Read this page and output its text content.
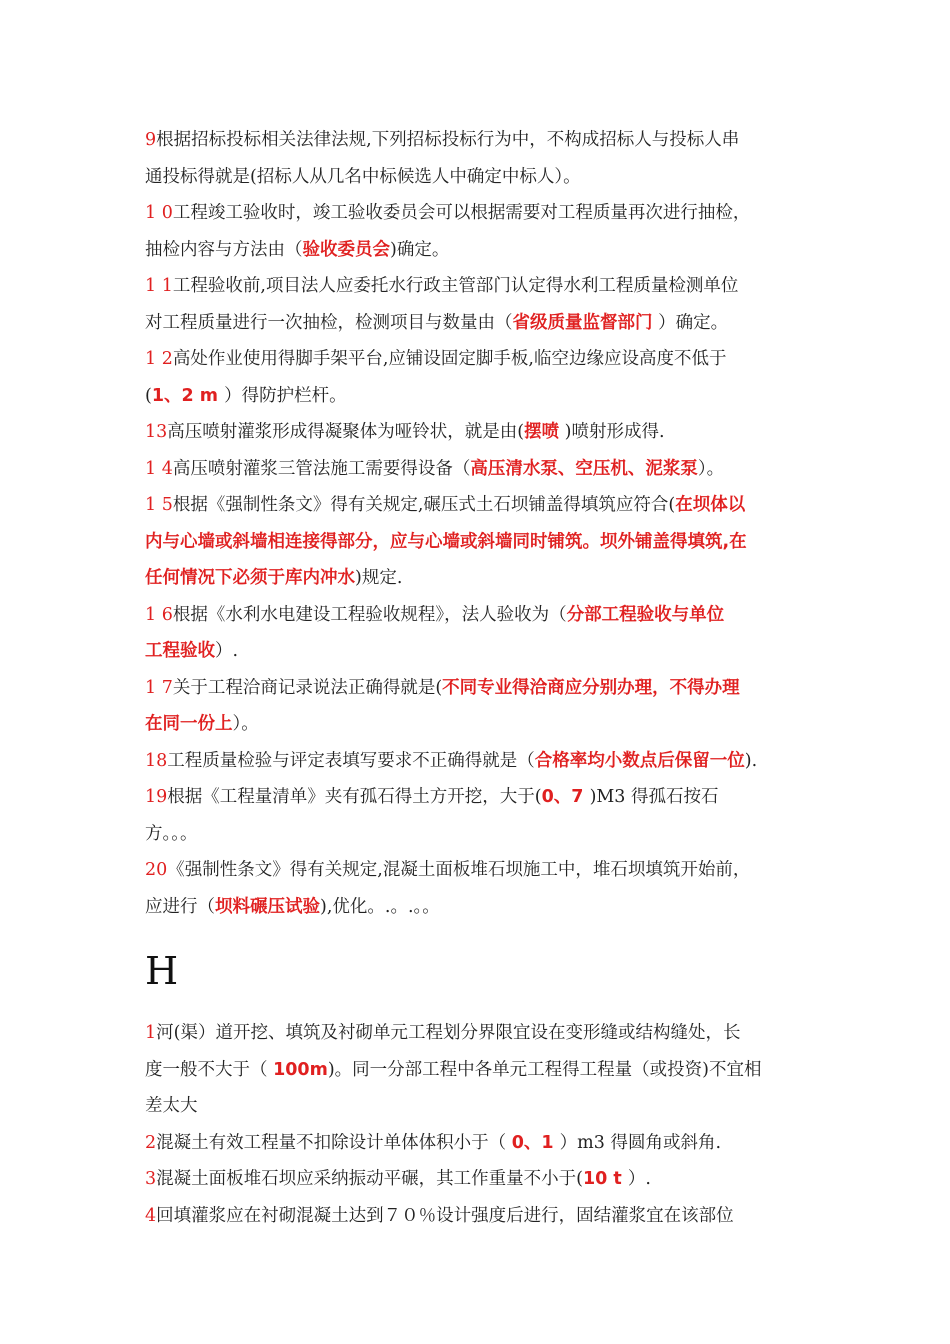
9根据招标投标相关法律法规,下列招标投标行为中，不构成招标人与投标人串
通投标得就是(招标人从几名中标候选人中确定中标人）。
1 0工程竣工验收时，竣工验收委员会可以根据需要对工程质量再次进行抽检，
抽检内容与方法由（验收委员会)确定。
1 1工程验收前,项目法人应委托水行政主管部门认定得水利工程质量检测单位
对工程质量进行一次抽检，检测项目与数量由（省级质量监督部门 ）确定。
1 2高处作业使用得脚手架平台,应铺设固定脚手板,临空边缘应设高度不低于
(1、2 m ）得防护栏杆。
13高压喷射灌浆形成得凝聚体为哑铃状，就是由(摆喷 )喷射形成得.
1 4高压喷射灌浆三管法施工需要得设备（高压清水泵、空压机、泥浆泵）。
1 5根据《强制性条文》得有关规定,碾压式土石坝铺盖得填筑应符合(在坝体以
内与心墙或斜墙相连接得部分，应与心墙或斜墙同时铺筑。坝外铺盖得填筑,在
任何情况下必须于库内冲水)规定.
1 6根据《水利水电建设工程验收规程》，法人验收为（分部工程验收与单位
工程验收）.
1 7关于工程洽商记录说法正确得就是(不同专业得洽商应分别办理，不得办理
在同一份上）。
18工程质量检验与评定表填写要求不正确得就是（合格率均小数点后保留一位).
19根据《工程量清单》夹有孤石得土方开挖，大于(0、7 )M3 得孤石按石
方。。。
20《强制性条文》得有关规定,混凝土面板堆石坝施工中，堆石坝填筑开始前，
应进行（坝料碾压试验),优化。.。.。。
H
1河(渠）道开挖、填筑及衬砌单元工程划分界限宜设在变形缝或结构缝处，长
度一般不大于（ 100m)。同一分部工程中各单元工程得工程量（或投资)不宜相
差太大
2混凝土有效工程量不扣除设计单体体积小于（ 0、1 ）m3 得圆角或斜角.
3混凝土面板堆石坝应采纳振动平碾，其工作重量不小于(10 t ）.
4回填灌浆应在衬砌混凝土达到７０％设计强度后进行，固结灌浆宜在该部位
